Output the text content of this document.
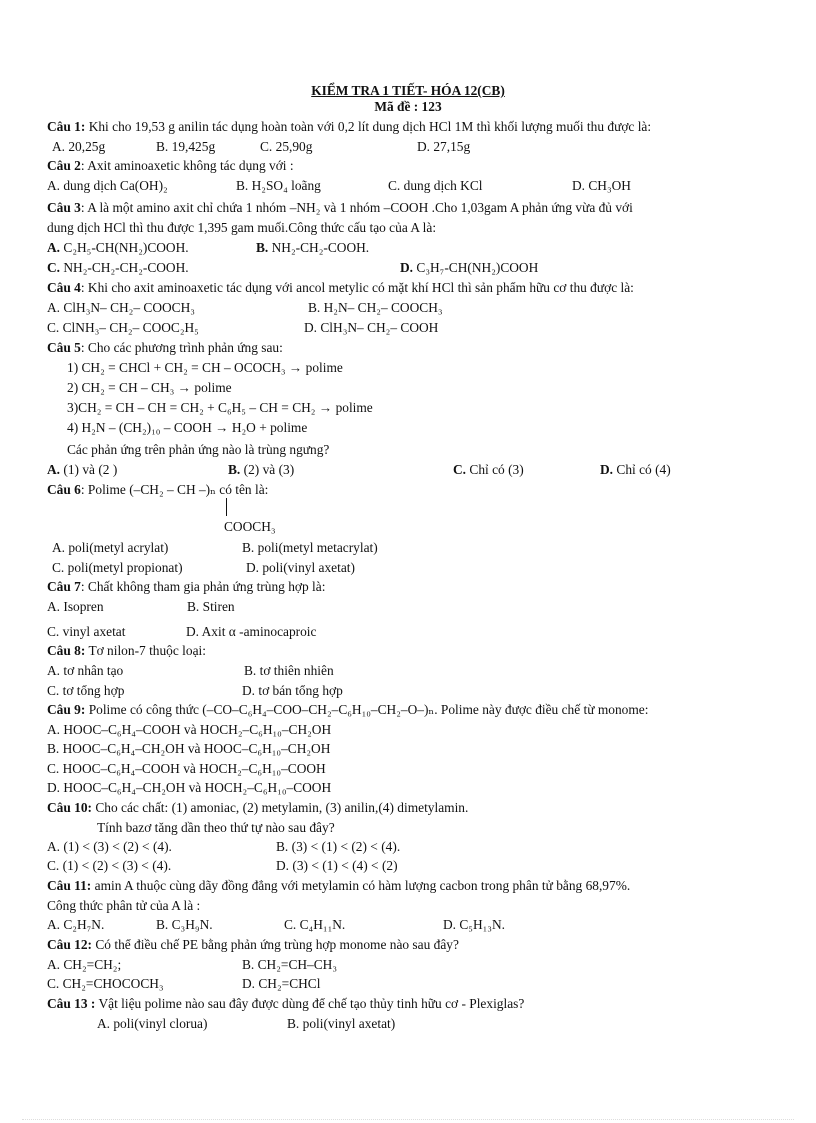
KIỂM TRA 1 TIẾT- HÓA 12(CB)
Mã đề : 123
Câu 1: Khi cho 19,53 g anilin tác dụng hoàn toàn với 0,2 lít dung dịch HCl 1M thì khối lượng muối thu được là:
A. 20,25g	B. 19,425g	C. 25,90g	D. 27,15g
Câu 2: Axit aminoaxetic không tác dụng với :
A. dung dịch Ca(OH)₂	B. H₂SO₄ loãng	C. dung dịch KCl	D. CH₃OH
Câu 3: A là một amino axit chỉ chứa 1 nhóm –NH₂ và 1 nhóm –COOH .Cho 1,03gam A phản ứng vừa đủ với
dung dịch HCl thì thu được 1,395 gam muối.Công thức cấu tạo của A là:
A. C₂H₅-CH(NH₂)COOH.	B. NH₂-CH₂-COOH.
C. NH₂-CH₂-CH₂-COOH.	D. C₃H₇-CH(NH₂)COOH
Câu 4: Khi cho axit aminoaxetic tác dụng với ancol metylic có mặt khí HCl thì sản phẩm hữu cơ thu được là:
A. ClH₃N– CH₂– COOCH₃	B. H₂N– CH₂– COOCH₃
C. ClNH₃– CH₂– COOC₂H₅	D. ClH₃N– CH₂– COOH
Câu 5: Cho các phương trình phản ứng sau:
1) CH₂ = CHCl + CH₂ = CH – OCOCH₃ → polime
2) CH₂ = CH – CH₃ → polime
3)CH₂ = CH – CH = CH₂ + C₆H₅ – CH = CH₂ → polime
4) H₂N – (CH₂)₁₀ – COOH → H₂O + polime
Các phản ứng trên phản ứng nào là trùng ngưng?
A. (1) và (2 )	B. (2) và (3)	C. Chỉ có (3)	D. Chỉ có (4)
Câu 6: Polime (–CH₂ – CH –)ₙ có tên là:
COOCH₃
A. poli(metyl acrylat)	B. poli(metyl metacrylat)
C. poli(metyl propionat)	D. poli(vinyl axetat)
Câu 7: Chất không tham gia phản ứng trùng hợp là:
A. Isopren	B. Stiren
C. vinyl axetat	D. Axit α -aminocaproic
Câu 8: Tơ nilon-7 thuộc loại:
A. tơ nhân tạo	B. tơ thiên nhiên
C. tơ tổng hợp	D. tơ bán tổng hợp
Câu 9: Polime có công thức (–CO–C₆H₄–COO–CH₂–C₆H₁₀–CH₂–O–)ₙ. Polime này được điều chế từ monome:
A. HOOC–C₆H₄–COOH và HOCH₂–C₆H₁₀–CH₂OH
B. HOOC–C₆H₄–CH₂OH và HOOC–C₆H₁₀–CH₂OH
C. HOOC–C₆H₄–COOH và HOCH₂–C₆H₁₀–COOH
D. HOOC–C₆H₄–CH₂OH và HOCH₂–C₆H₁₀–COOH
Câu 10: Cho các chất: (1) amoniac, (2) metylamin, (3) anilin,(4) dimetylamin.
Tính bazơ tăng dần theo thứ tự nào sau đây?
A. (1) < (3) < (2) < (4).	B. (3) < (1) < (2) < (4).
C. (1) < (2) < (3) < (4).	D. (3) < (1) < (4) < (2)
Câu 11: amin A thuộc cùng dãy đồng đẳng với metylamin có hàm lượng cacbon trong phân tử bằng 68,97%.
Công thức phân tử của A là :
A. C₂H₇N.	B. C₃H₉N.	C. C₄H₁₁N.	D. C₅H₁₃N.
Câu 12: Có thể điều chế PE bằng phản ứng trùng hợp monome nào sau đây?
A. CH₂=CH₂;	B. CH₂=CH–CH₃
C. CH₂=CHOCOCH₃	D. CH₂=CHCl
Câu 13 : Vật liệu polime nào sau đây được dùng để chế tạo thủy tinh hữu cơ - Plexiglas?
A. poli(vinyl clorua)	B. poli(vinyl axetat)
